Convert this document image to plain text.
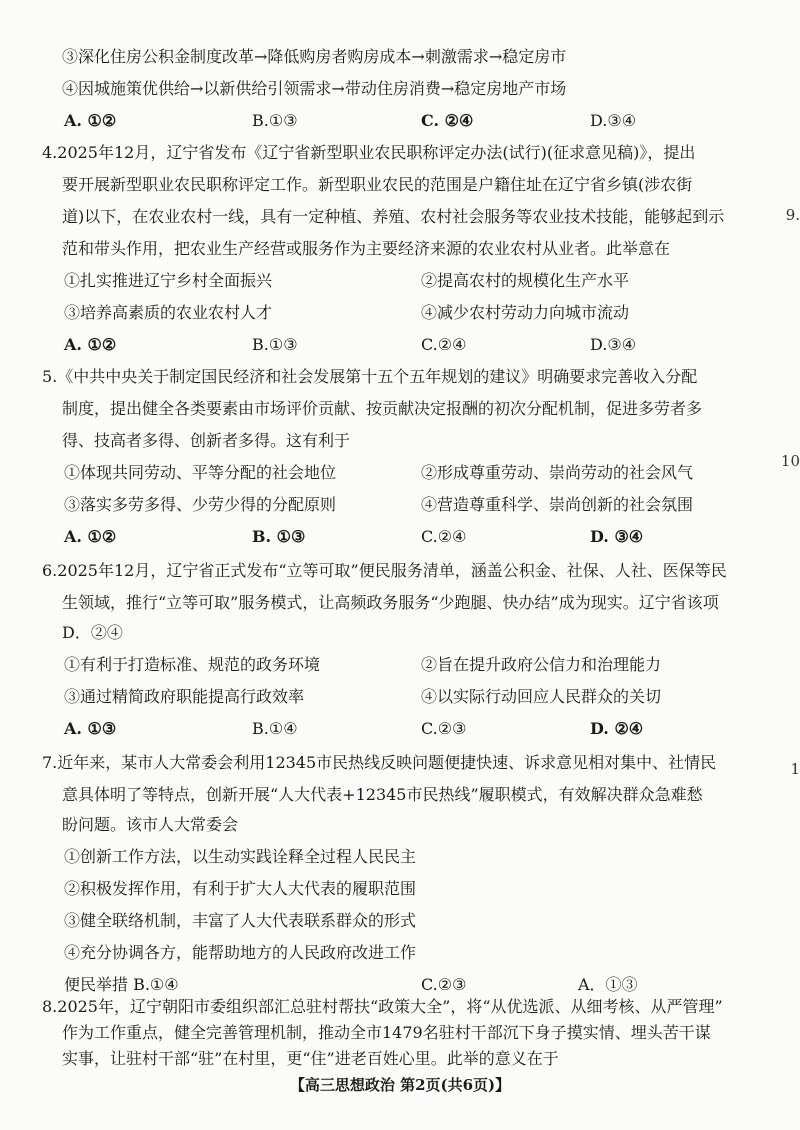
③深化住房公积金制度改革→降低购房者购房成本→刺激需求→稳定房市
④因城施策优供给→以新供给引领需求→带动住房消费→稳定房地产市场
A. ①②	B.①③	C. ②④	D.③④
4.2025年12月，辽宁省发布《辽宁省新型职业农民职称评定办法(试行)(征求意见稿)》，提出
要开展新型职业农民职称评定工作。新型职业农民的范围是户籍住址在辽宁省乡镇(涉农街
道)以下，在农业农村一线，具有一定种植、养殖、农村社会服务等农业技术技能，能够起到示
范和带头作用，把农业生产经营或服务作为主要经济来源的农业农村从业者。此举意在
①扎实推进辽宁乡村全面振兴	②提高农村的规模化生产水平
③培养高素质的农业农村人才	④减少农村劳动力向城市流动
A. ①②	B.①③	C.②④	D.③④
5.《中共中央关于制定国民经济和社会发展第十五个五年规划的建议》明确要求完善收入分配
制度，提出健全各类要素由市场评价贡献、按贡献决定报酬的初次分配机制，促进多劳者多
得、技高者多得、创新者多得。这有利于
①体现共同劳动、平等分配的社会地位	②形成尊重劳动、崇尚劳动的社会风气
③落实多劳多得、少劳少得的分配原则	④营造尊重科学、崇尚创新的社会氛围
A. ①②	B. ①③	C.②④	D. ③④
6.2025年12月，辽宁省正式发布“立等可取”便民服务清单，涵盖公积金、社保、人社、医保等民
生领域，推行“立等可取”服务模式，让高频政务服务“少跑腿、快办结”成为现实。辽宁省该项
D．②④
①有利于打造标准、规范的政务环境	②旨在提升政府公信力和治理能力
③通过精简政府职能提高行政效率	④以实际行动回应人民群众的关切
A. ①③	B.①④	C.②③	D. ②④
7.近年来，某市人大常委会利用12345市民热线反映问题便捷快速、诉求意见相对集中、社情民
意具体明了等特点，创新开展“人大代表+12345市民热线”履职模式，有效解决群众急难愁
盼问题。该市人大常委会
①创新工作方法，以生动实践诠释全过程人民民主
②积极发挥作用，有利于扩大人大代表的履职范围
③健全联络机制，丰富了人大代表联系群众的形式
④充分协调各方，能帮助地方的人民政府改进工作
便民举措 B.①④	C.②③	A．①③
8.2025年，辽宁朝阳市委组织部汇总驻村帮扶“政策大全”，将“从优选派、从细考核、从严管理”
9.
10
1
【高三思想政治 第2页(共6页)】
作为工作重点，健全完善管理机制，推动全市1479名驻村干部沉下身子摸实情、埋头苦干谋
实事，让驻村干部“驻”在村里，更“住”进老百姓心里。此举的意义在于
